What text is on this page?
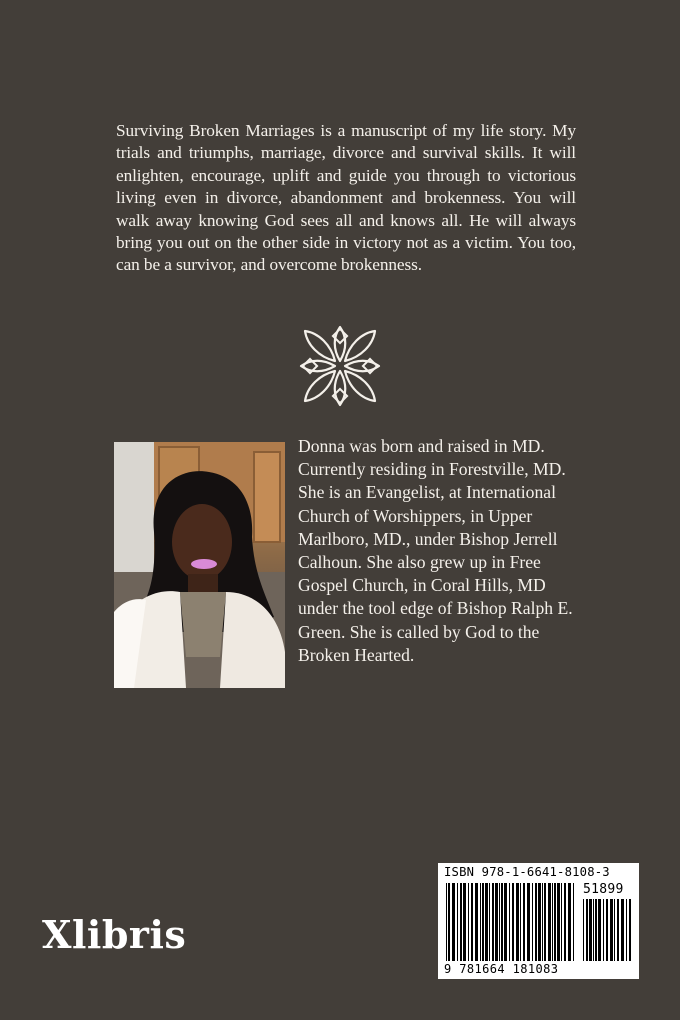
Surviving Broken Marriages is a manuscript of my life story. My trials and triumphs, marriage, divorce and survival skills. It will enlighten, encourage, uplift and guide you through to victorious living even in divorce, abandonment and brokenness. You will walk away knowing God sees all and knows all. He will always bring you out on the other side in victory not as a victim. You too, can be a survivor, and overcome brokenness.

Donna was born and raised in MD. Currently residing in Forestville, MD. She is an Evangelist, at International Church of Worshippers, in Upper Marlboro, MD., under Bishop Jerrell Calhoun. She also grew up in Free Gospel Church, in Coral Hills, MD under the tool edge of Bishop Ralph E. Green. She is called by God to the Broken Hearted.

Xlibris
ISBN 978-1-6641-8108-3
51899
9 781664 181083
